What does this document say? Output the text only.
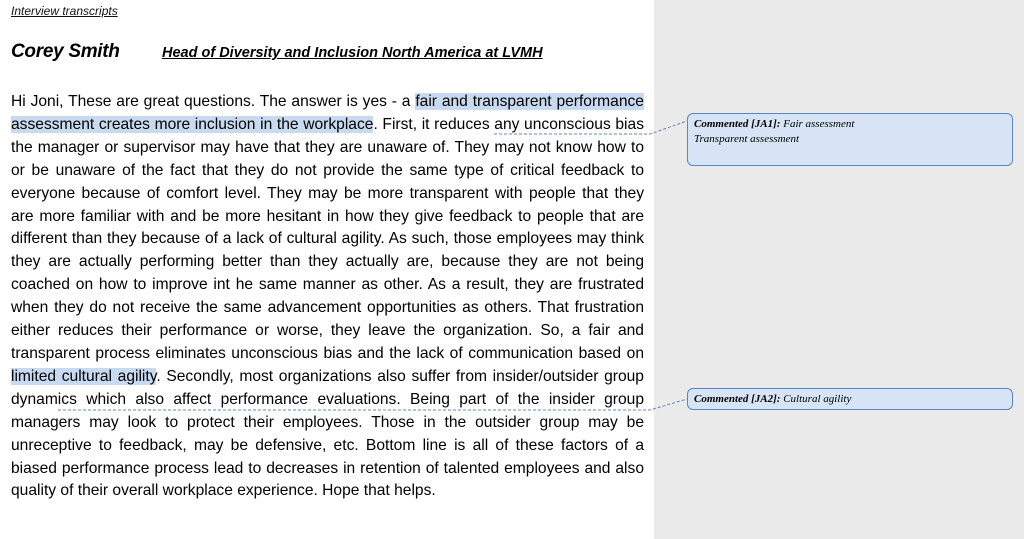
Interview transcripts
Corey Smith	Head of Diversity and Inclusion North America at LVMH

Hi Joni, These are great questions. The answer is yes - a fair and transparent performance assessment creates more inclusion in the workplace. First, it reduces any unconscious bias the manager or supervisor may have that they are unaware of. They may not know how to or be unaware of the fact that they do not provide the same type of critical feedback to everyone because of comfort level. They may be more transparent with people that they are more familiar with and be more hesitant in how they give feedback to people that are different than they because of a lack of cultural agility. As such, those employees may think they are actually performing better than they actually are, because they are not being coached on how to improve int he same manner as other. As a result, they are frustrated when they do not receive the same advancement opportunities as others. That frustration either reduces their performance or worse, they leave the organization. So, a fair and transparent process eliminates unconscious bias and the lack of communication based on limited cultural agility. Secondly, most organizations also suffer from insider/outsider group dynamics which also affect performance evaluations. Being part of the insider group managers may look to protect their employees. Those in the outsider group may be unreceptive to feedback, may be defensive, etc. Bottom line is all of these factors of a biased performance process lead to decreases in retention of talented employees and also quality of their overall workplace experience. Hope that helps.

Commented [JA1]: Fair assessment
Transparent assessment
Commented [JA2]: Cultural agility
